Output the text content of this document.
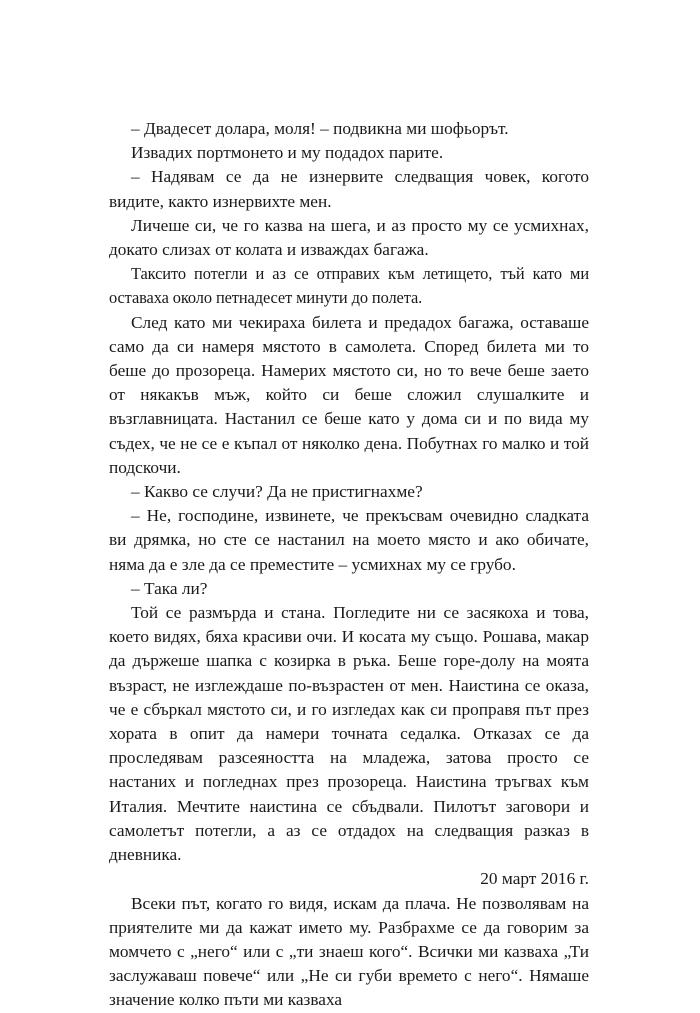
– Двадесет долара, моля! – подвикна ми шофьорът.

Извадих портмонето и му подадох парите.

– Надявам се да не изнервите следващия човек, когото видите, както изнервихте мен.

Личеше си, че го казва на шега, и аз просто му се усмихнах, докато слизах от колата и изваждах багажа.

Таксито потегли и аз се отправих към летището, тъй като ми оставаха около петнадесет минути до полета.

След като ми чекираха билета и предадох багажа, оставаше само да си намеря мястото в самолета. Според билета ми то беше до прозореца. Намерих мястото си, но то вече беше заето от някакъв мъж, който си беше сложил слушалките и възглавницата. Настанил се беше като у дома си и по вида му съдех, че не се е къпал от няколко дена. Побутнах го малко и той подскочи.

– Какво се случи? Да не пристигнахме?

– Не, господине, извинете, че прекъсвам очевидно сладката ви дрямка, но сте се настанил на моето място и ако обичате, няма да е зле да се преместите – усмихнах му се грубо.

– Така ли?

Той се размърда и стана. Погледите ни се засякоха и това, което видях, бяха красиви очи. И косата му също. Рошава, макар да държеше шапка с козирка в ръка. Беше горе-долу на моята възраст, не изглеждаше по-възрастен от мен. Наистина се оказа, че е сбъркал мястото си, и го изгледах как си проправя път през хората в опит да намери точната седалка. Отказах се да проследявам разсеяността на младежа, затова просто се настаних и погледнах през прозореца. Наистина тръгвах към Италия. Мечтите наистина се сбъдвали. Пилотът заговори и самолетът потегли, а аз се отдадох на следващия разказ в дневника.

20 март 2016 г.

Всеки път, когато го видя, искам да плача. Не позволявам на приятелите ми да кажат името му. Разбрахме се да говорим за момчето с „него“ или с „ти знаеш кого“. Всички ми казваха „Ти заслужаваш повече“ или „Не си губи времето с него“. Нямаше значение колко пъти ми казваха
